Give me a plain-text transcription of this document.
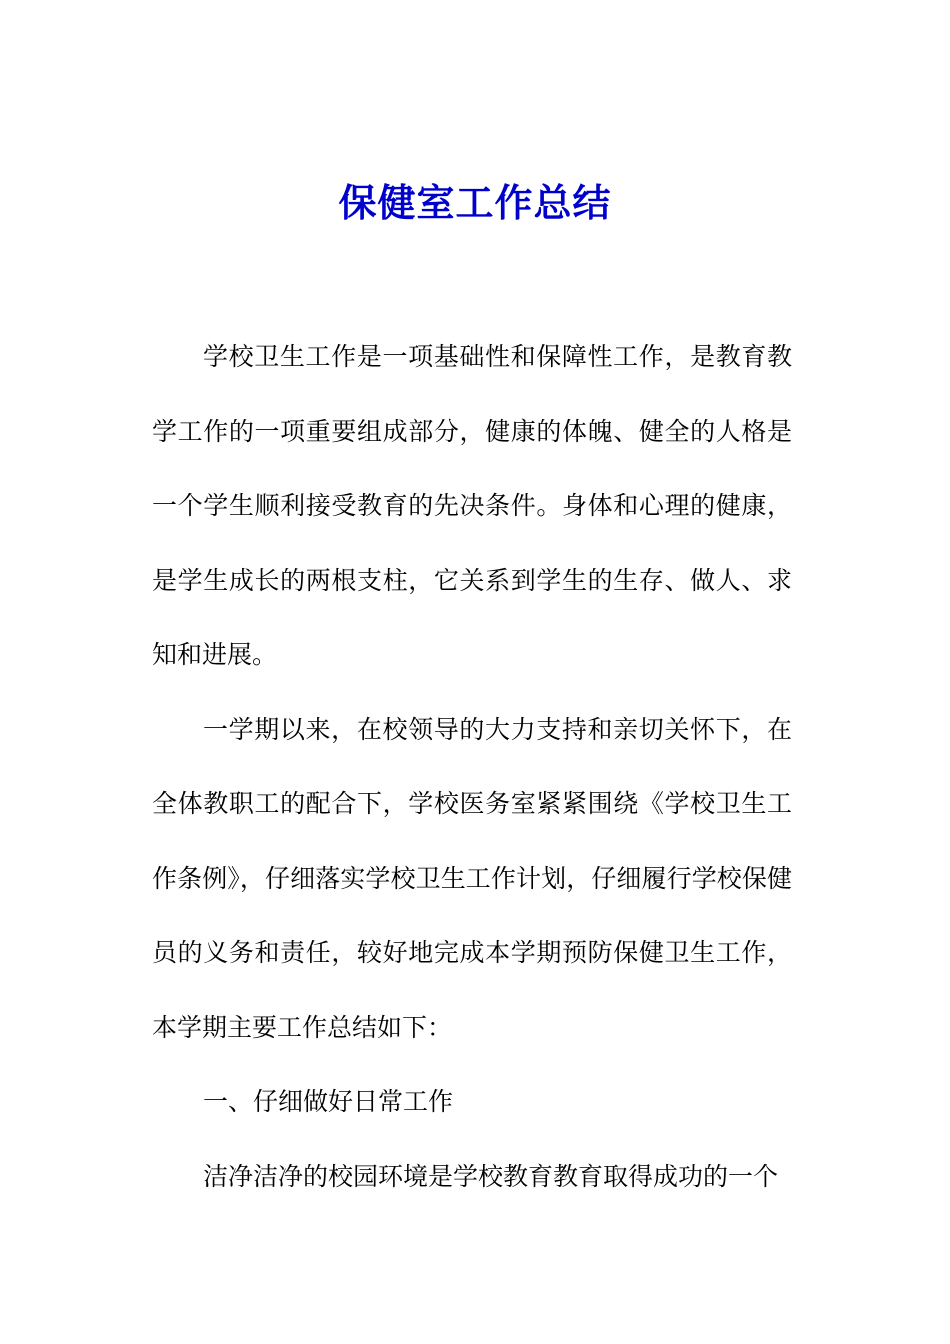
保健室工作总结

学校卫生工作是一项基础性和保障性工作，是教育教学工作的一项重要组成部分，健康的体魄、健全的人格是一个学生顺利接受教育的先决条件。身体和心理的健康，是学生成长的两根支柱，它关系到学生的生存、做人、求知和进展。

一学期以来，在校领导的大力支持和亲切关怀下，在全体教职工的配合下，学校医务室紧紧围绕《学校卫生工作条例》，仔细落实学校卫生工作计划，仔细履行学校保健员的义务和责任，较好地完成本学期预防保健卫生工作，本学期主要工作总结如下：

一、仔细做好日常工作

洁净洁净的校园环境是学校教育教育取得成功的一个
